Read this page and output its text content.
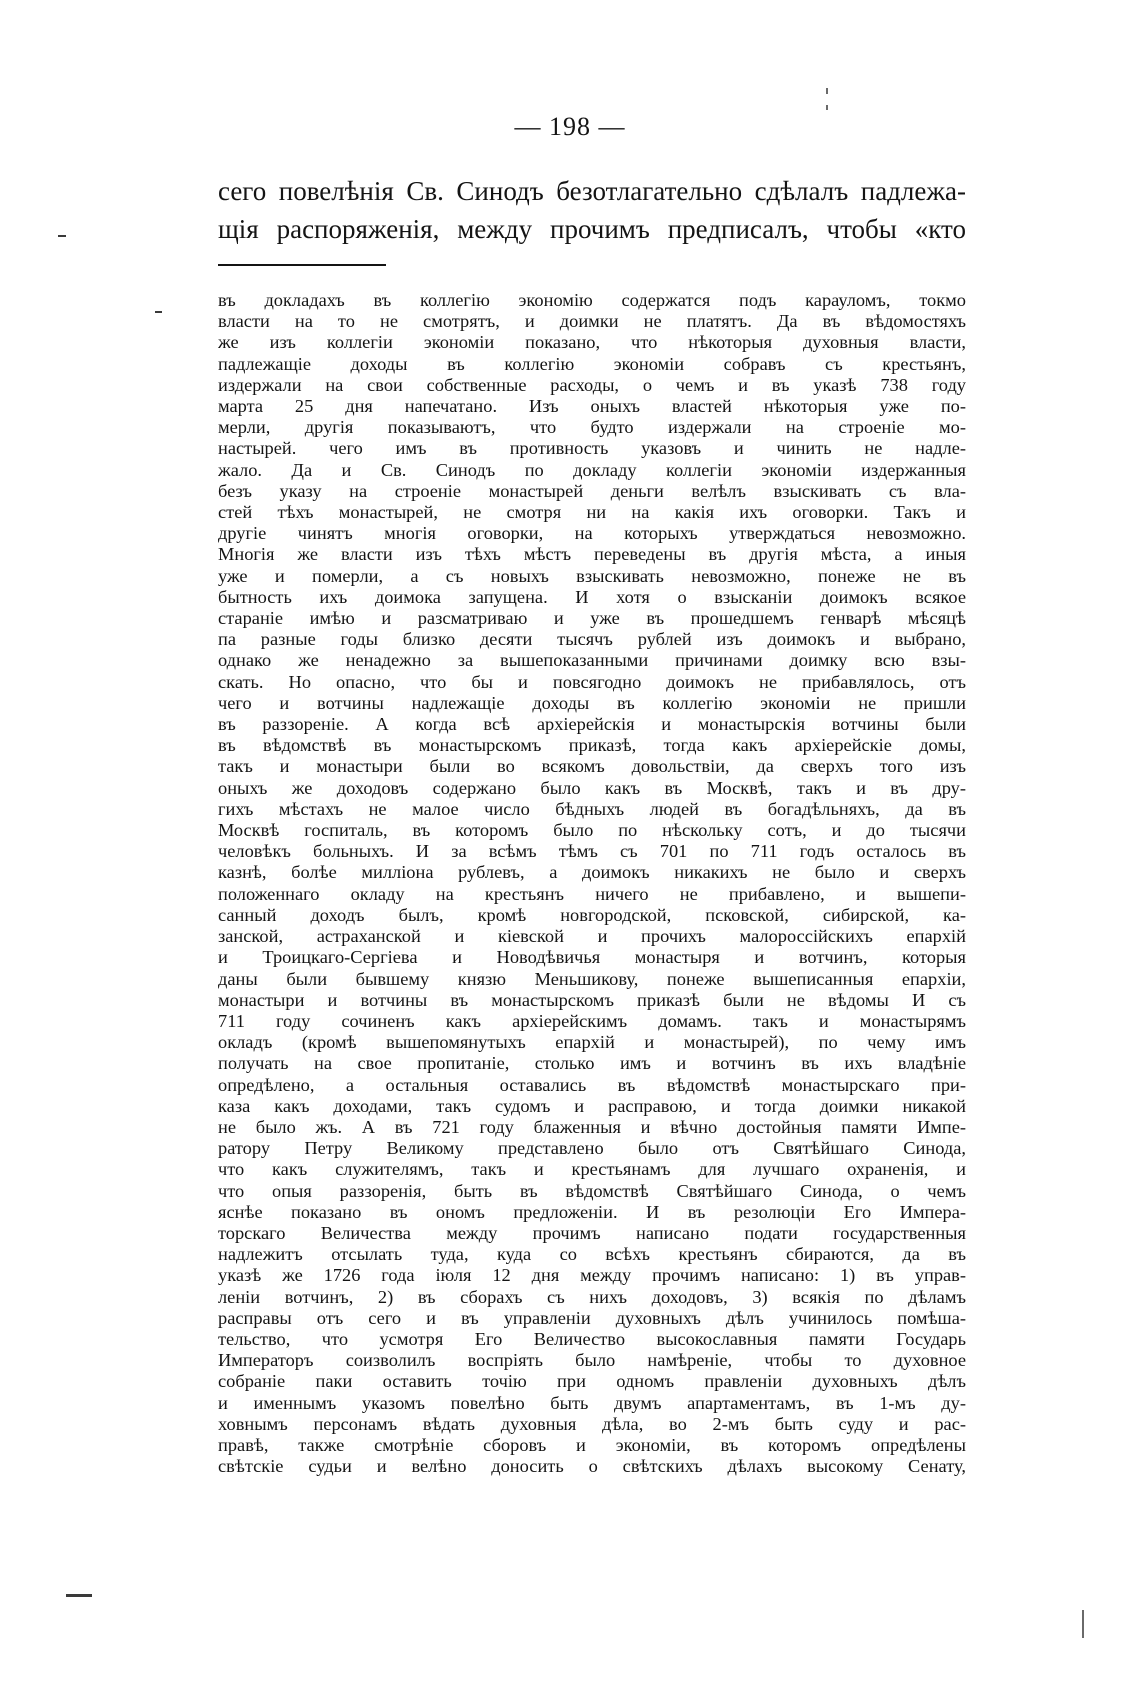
— 198 —
сего повелѣнія Св. Синодъ безотлагательно сдѣлалъ падлежа-
щія распоряженія, между прочимъ предписалъ, чтобы «кто
въ докладахъ въ коллегію экономію содержатся подъ карауломъ, токмо
власти на то не смотрятъ, и доимки не платятъ. Да въ вѣдомостяхъ
же изъ коллегіи экономіи показано, что нѣкоторыя духовныя власти,
падлежащіе доходы въ коллегію экономіи собравъ съ крестьянъ,
издержали на свои собственные расходы, о чемъ и въ указѣ 738 году
марта 25 дня напечатано. Изъ оныхъ властей нѣкоторыя уже по-
мерли, другія показываютъ, что будто издержали на строеніе мо-
настырей. чего имъ въ противность указовъ и чинить не надле-
жало. Да и Св. Синодъ по докладу коллегіи экономіи издержанныя
безъ указу на строеніе монастырей деньги велѣлъ взыскивать съ вла-
стей тѣхъ монастырей, не смотря ни на какія ихъ оговорки. Такъ и
другіе чинятъ многія оговорки, на которыхъ утверждаться невозможно.
Многія же власти изъ тѣхъ мѣстъ переведены въ другія мѣста, а иныя
уже и померли, а съ новыхъ взыскивать невозможно, понеже не въ
бытность ихъ доимока запущена. И хотя о взысканіи доимокъ всякое
стараніе имѣю и разсматриваю и уже въ прошедшемъ генварѣ мѣсяцѣ
па разные годы близко десяти тысячъ рублей изъ доимокъ и выбрано,
однако же ненадежно за вышепоказанными причинами доимку всю взы-
скать. Но опасно, что бы и повсягодно доимокъ не прибавлялось, отъ
чего и вотчины надлежащіе доходы въ коллегію экономіи не пришли
въ раззореніе. А когда всѣ архіерейскія и монастырскія вотчины были
въ вѣдомствѣ въ монастырскомъ приказѣ, тогда какъ архіерейскіе домы,
такъ и монастыри были во всякомъ довольствіи, да сверхъ того изъ
оныхъ же доходовъ содержано было какъ въ Москвѣ, такъ и въ дру-
гихъ мѣстахъ не малое число бѣдныхъ людей въ богадѣльняхъ, да въ
Москвѣ госпиталь, въ которомъ было по нѣскольку сотъ, и до тысячи
человѣкъ больныхъ. И за всѣмъ тѣмъ съ 701 по 711 годъ осталось въ
казнѣ, болѣе милліона рублевъ, а доимокъ никакихъ не было и сверхъ
положеннаго окладу на крестьянъ ничего не прибавлено, и вышепи-
санный доходъ былъ, кромѣ новгородской, псковской, сибирской, ка-
занской, астраханской и кіевской и прочихъ малороссійскихъ епархій
и Троицкаго-Сергіева и Новодѣвичья монастыря и вотчинъ, которыя
даны были бывшему князю Меньшикову, понеже вышеписанныя епархіи,
монастыри и вотчины въ монастырскомъ приказѣ были не вѣдомы И съ
711 году сочиненъ какъ архіерейскимъ домамъ. такъ и монастырямъ
окладъ (кромѣ вышепомянутыхъ епархій и монастырей), по чему имъ
получать на свое пропитаніе, столько имъ и вотчинъ въ ихъ владѣніе
опредѣлено, а остальныя оставались въ вѣдомствѣ монастырскаго при-
каза какъ доходами, такъ судомъ и расправою, и тогда доимки никакой
не было жъ. А въ 721 году блаженныя и вѣчно достойныя памяти Импе-
ратору Петру Великому представлено было отъ Святѣйшаго Синода,
что какъ служителямъ, такъ и крестьянамъ для лучшаго охраненія, и
что опыя раззоренія, быть въ вѣдомствѣ Святѣйшаго Синода, о чемъ
яснѣе показано въ ономъ предложеніи. И въ резолюціи Его Импера-
торскаго Величества между прочимъ написано подати государственныя
надлежитъ отсылать туда, куда со всѣхъ крестьянъ сбираются, да въ
указѣ же 1726 года іюля 12 дня между прочимъ написано: 1) въ управ-
леніи вотчинъ, 2) въ сборахъ съ нихъ доходовъ, 3) всякія по дѣламъ
расправы отъ сего и въ управленіи духовныхъ дѣлъ учинилось помѣша-
тельство, что усмотря Его Величество высокославныя памяти Государь
Императоръ соизволилъ воспріять было намѣреніе, чтобы то духовное
собраніе паки оставить точію при одномъ правленіи духовныхъ дѣлъ
и именнымъ указомъ повелѣно быть двумъ апартаментамъ, въ 1-мъ ду-
ховнымъ персонамъ вѣдать духовныя дѣла, во 2-мъ быть суду и рас-
правѣ, также смотрѣніе сборовъ и экономіи, въ которомъ опредѣлены
свѣтскіе судьи и велѣно доносить о свѣтскихъ дѣлахъ высокому Сенату,
